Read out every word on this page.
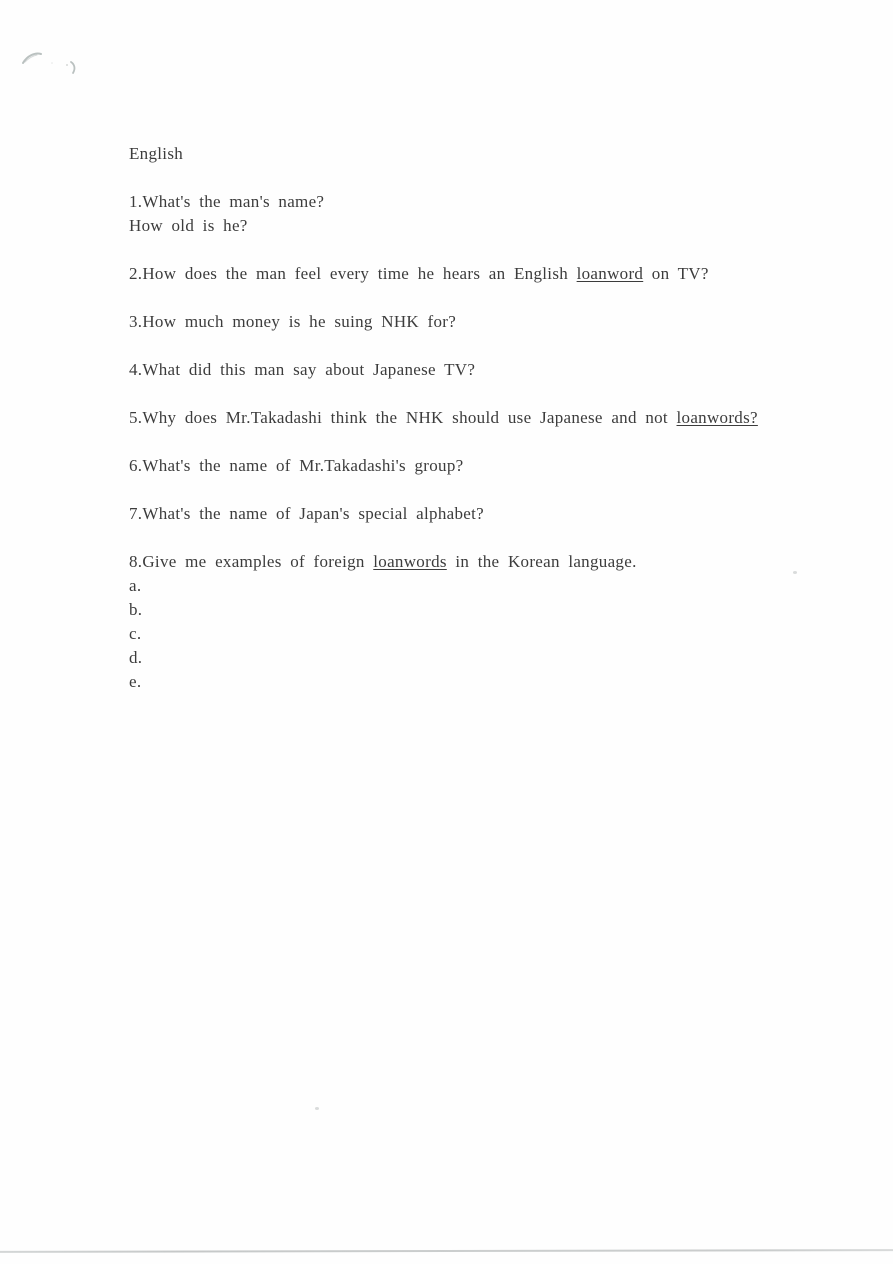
English

1.What's the man's name?

How old is he?

2.How does the man feel every time he hears an English loanword on TV?

3.How much money is he suing NHK for?

4.What did this man say about Japanese TV?

5.Why does Mr.Takadashi think the NHK should use Japanese and not loanwords?

6.What's the name of Mr.Takadashi's group?

7.What's the name of Japan's special alphabet?

8.Give me examples of foreign loanwords in the Korean language.

a.

b.

c.

d.

e.
